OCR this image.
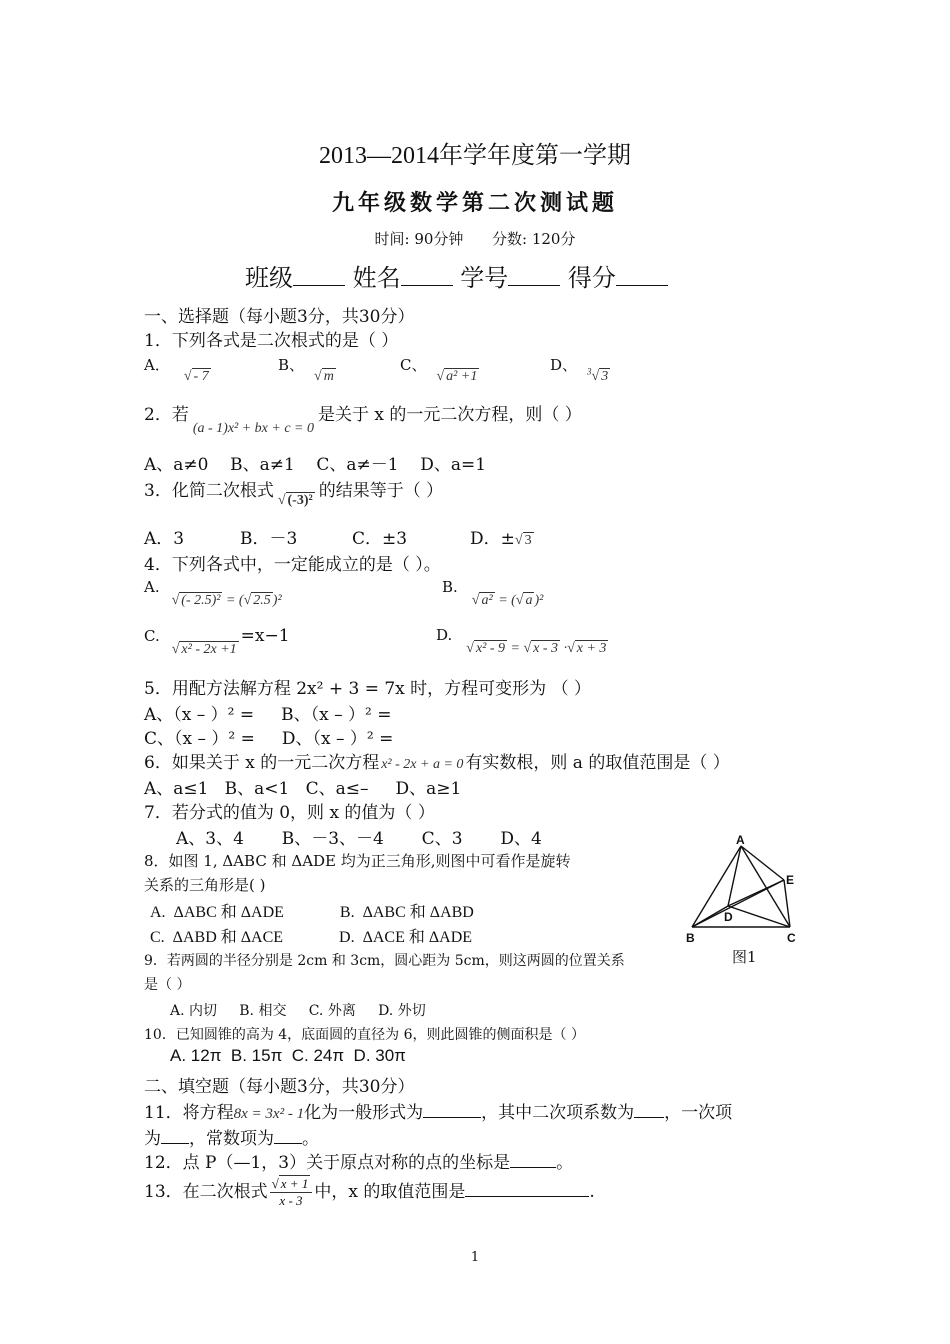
2013—2014年学年度第一学期
九年级数学第二次测试题
时间: 90分钟      分数: 120分
班级 姓名 学号 得分
一、选择题（每小题3分，共30分）
1．下列各式是二次根式的是（ ）
A．√ - 7
B、√ m
C、√ a² +1
D、 $^3$√ 3
2．若$_{(a - 1)x^2 + bx + c = 0}$是关于 x 的一元二次方程，则（ ）
A、a≠0    B、a≠1    C、a≠－1    D、a=1
3．化简二次根式 $_{√ (-3)^2}$ 的结果等于（ ）
A．3	B．－3	C．±3	D．±√ 3
4．下列各式中，一定能成立的是（ ）。
A.√ (- 2.5)² = (√ 2.5 )²
B.√ a² = (√ a )²
C.√ x² - 2x +1=x−1	D.√ x² - 9 = √ x - 3 ·√ x + 3
5．用配方法解方程 2x² + 3 = 7x 时，方程可变形为 （ ）
A、（x – ）² =     B、（x – ）² =
C、（x – ）² =     D、（x – ）² =
6．如果关于 x 的一元二次方程 x² - 2x + a = 0 有实数根，则 a 的取值范围是（ ）
A、a≤1   B、a<1   C、a≤–     D、a≥1
7．若分式的值为 0，则 x 的值为（ ）
A、3、4       B、－3、－4       C、3       D、4
8．如图 1, ΔABC 和 ΔADE 均为正三角形,则图中可看作是旋转
关系的三角形是( )
A.  ΔABC 和 ΔADE              B.  ΔABC 和 ΔABD
C.  ΔABD 和 ΔACE              D.  ΔACE 和 ΔADE
A
B	C
D
E
图1
9．若两圆的半径分别是 2cm 和 3cm，圆心距为 5cm，则这两圆的位置关系
是（ ）
A. 内切     B. 相交     C. 外离     D. 外切
10．已知圆锥的高为 4，底面圆的直径为 6，则此圆锥的侧面积是（ ）
A. 12π  B. 15π  C. 24π  D. 30π
二、填空题（每小题3分，共30分）
11．将方程8x = 3x² - 1化为一般形式为	，其中二次项系数为 ，一次项
为 ，常数项为 。
12．点 P（—1，3）关于原点对称的点的坐标是	。
13．在二次根式 $\frac{√ x + 1}{x - 3}$ 中，x 的取值范围是	.
1
